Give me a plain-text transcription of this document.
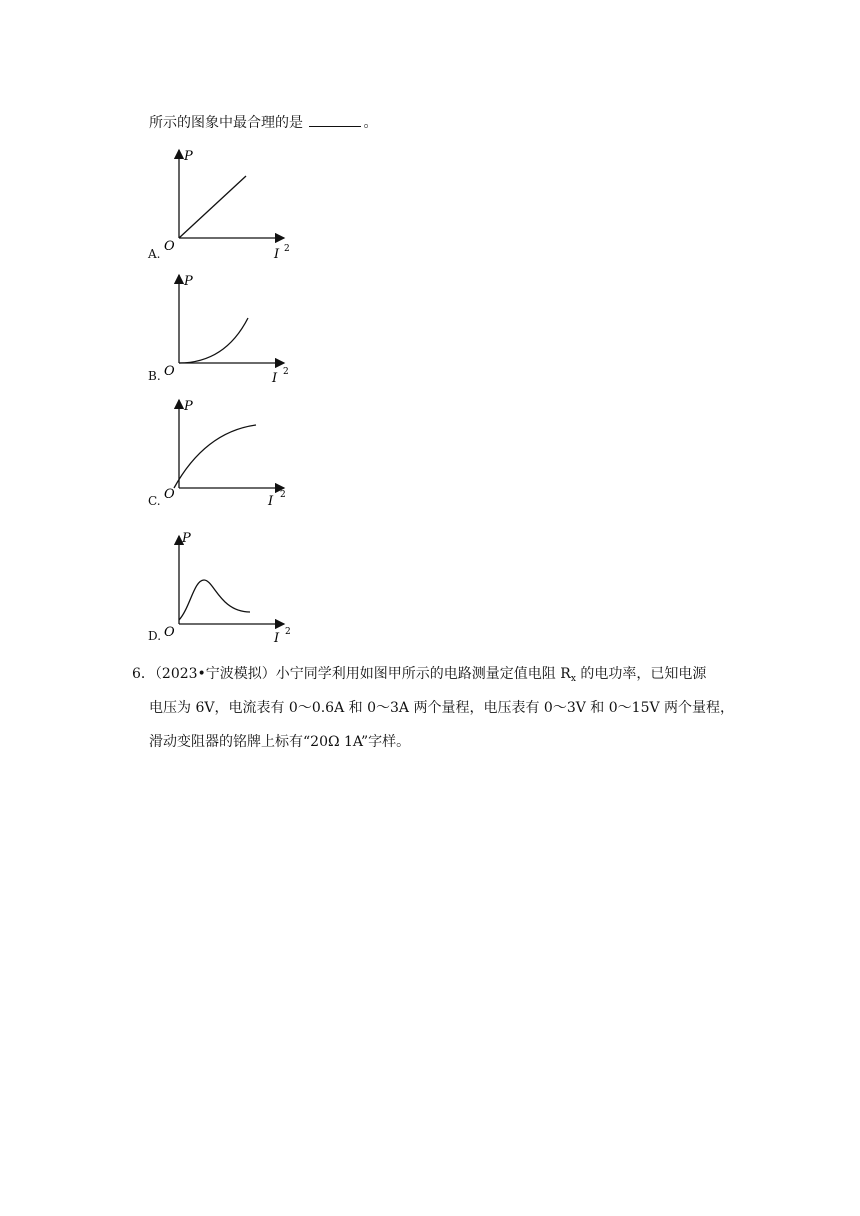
所示的图象中最合理的是	。
A.
P
O
I 2
B.
P
O	I 2
C.
P
O	I 2
D.
P
O	I 2
6．（2023•宁波模拟）小宁同学利用如图甲所示的电路测量定值电阻 $R_x$ 的电功率，已知电源
电压为 6V，电流表有 0～0.6A 和 0～3A 两个量程，电压表有 0～3V 和 0～15V 两个量程，
滑动变阻器的铭牌上标有“20Ω 1A”字样。
